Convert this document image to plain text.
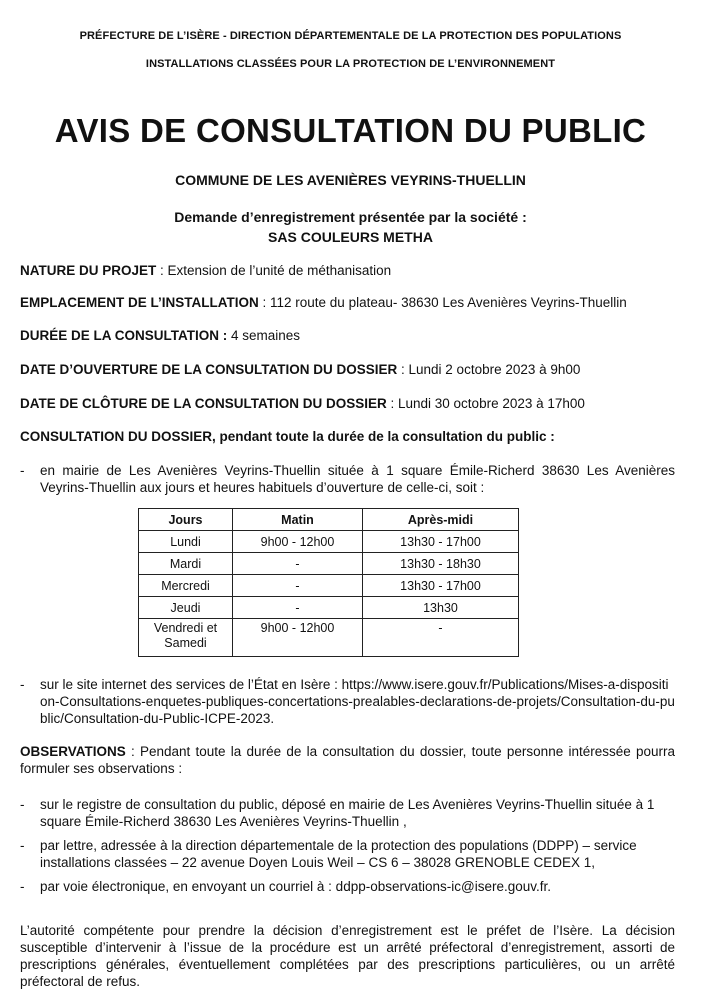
PRÉFECTURE DE L’ISÈRE - DIRECTION DÉPARTEMENTALE DE LA PROTECTION DES POPULATIONS
INSTALLATIONS CLASSÉES POUR LA PROTECTION DE L’ENVIRONNEMENT
AVIS DE CONSULTATION DU PUBLIC
COMMUNE DE LES AVENIÈRES VEYRINS-THUELLIN
Demande d’enregistrement présentée par la société :
SAS COULEURS METHA
NATURE DU PROJET : Extension de l’unité de méthanisation
EMPLACEMENT DE L’INSTALLATION : 112 route du plateau- 38630 Les Avenières Veyrins-Thuellin
DURÉE DE LA CONSULTATION : 4 semaines
DATE D’OUVERTURE DE LA CONSULTATION DU DOSSIER : Lundi 2 octobre 2023 à 9h00
DATE DE CLÔTURE DE LA CONSULTATION DU DOSSIER : Lundi 30 octobre 2023 à 17h00
CONSULTATION DU DOSSIER, pendant toute la durée de la consultation du public :
- en mairie de Les Avenières Veyrins-Thuellin située à 1 square Émile-Richerd 38630 Les Avenières Veyrins-Thuellin aux jours et heures habituels d’ouverture de celle-ci, soit :
Jours	Matin	Après-midi
Lundi	9h00 - 12h00	13h30 - 17h00
Mardi	-	13h30 - 18h30
Mercredi	-	13h30 - 17h00
Jeudi	-	13h30
Vendredi et Samedi	9h00 - 12h00	-
- sur le site internet des services de l’État en Isère : https://www.isere.gouv.fr/Publications/Mises-a-disposition-Consultations-enquetes-publiques-concertations-prealables-declarations-de-projets/Consultation-du-public/Consultation-du-Public-ICPE-2023.
OBSERVATIONS : Pendant toute la durée de la consultation du dossier, toute personne intéressée pourra formuler ses observations :
- sur le registre de consultation du public, déposé en mairie de Les Avenières Veyrins-Thuellin située à 1 square Émile-Richerd 38630 Les Avenières Veyrins-Thuellin ,
- par lettre, adressée à la direction départementale de la protection des populations (DDPP) – service installations classées – 22 avenue Doyen Louis Weil – CS 6 – 38028 GRENOBLE CEDEX 1,
- par voie électronique, en envoyant un courriel à : ddpp-observations-ic@isere.gouv.fr.
L’autorité compétente pour prendre la décision d’enregistrement est le préfet de l’Isère. La décision susceptible d’intervenir à l’issue de la procédure est un arrêté préfectoral d’enregistrement, assorti de prescriptions générales, éventuellement complétées par des prescriptions particulières, ou un arrêté préfectoral de refus.
